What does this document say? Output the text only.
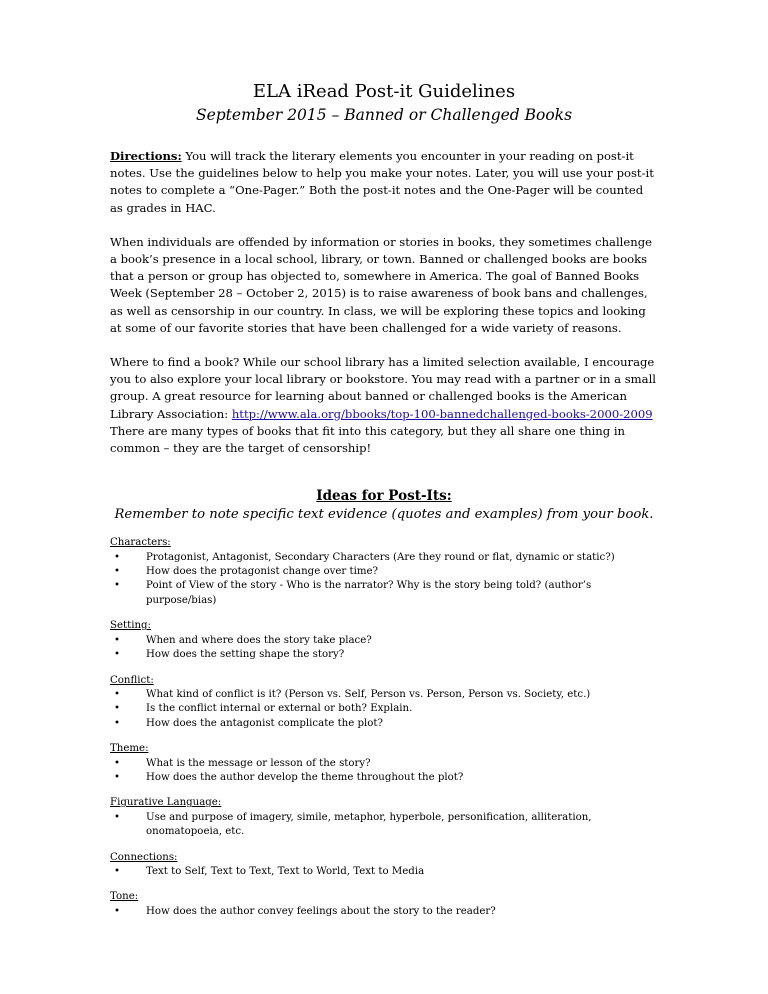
ELA iRead Post-it Guidelines

September 2015 – Banned or Challenged Books

Directions: You will track the literary elements you encounter in your reading on post-it notes. Use the guidelines below to help you make your notes. Later, you will use your post-it notes to complete a “One-Pager.” Both the post-it notes and the One-Pager will be counted as grades in HAC.

When individuals are offended by information or stories in books, they sometimes challenge a book’s presence in a local school, library, or town. Banned or challenged books are books that a person or group has objected to, somewhere in America. The goal of Banned Books Week (September 28 – October 2, 2015) is to raise awareness of book bans and challenges, as well as censorship in our country. In class, we will be exploring these topics and looking at some of our favorite stories that have been challenged for a wide variety of reasons.

Where to find a book? While our school library has a limited selection available, I encourage you to also explore your local library or bookstore. You may read with a partner or in a small group. A great resource for learning about banned or challenged books is the American Library Association: http://www.ala.org/bbooks/top-100-bannedchallenged-books-2000-2009 There are many types of books that fit into this category, but they all share one thing in common – they are the target of censorship!

Ideas for Post-Its:
Remember to note specific text evidence (quotes and examples) from your book.
Characters:
•	Protagonist, Antagonist, Secondary Characters (Are they round or flat, dynamic or static?)
•	How does the protagonist change over time?
•	Point of View of the story - Who is the narrator? Why is the story being told? (author’s purpose/bias)
Setting:
•	When and where does the story take place?
•	How does the setting shape the story?
Conflict:
•	What kind of conflict is it? (Person vs. Self, Person vs. Person, Person vs. Society, etc.)
•	Is the conflict internal or external or both? Explain.
•	How does the antagonist complicate the plot?
Theme:
•	What is the message or lesson of the story?
•	How does the author develop the theme throughout the plot?
Figurative Language:
•	Use and purpose of imagery, simile, metaphor, hyperbole, personification, alliteration, onomatopoeia, etc.
Connections:
•	Text to Self, Text to Text, Text to World, Text to Media
Tone:
•	How does the author convey feelings about the story to the reader?
